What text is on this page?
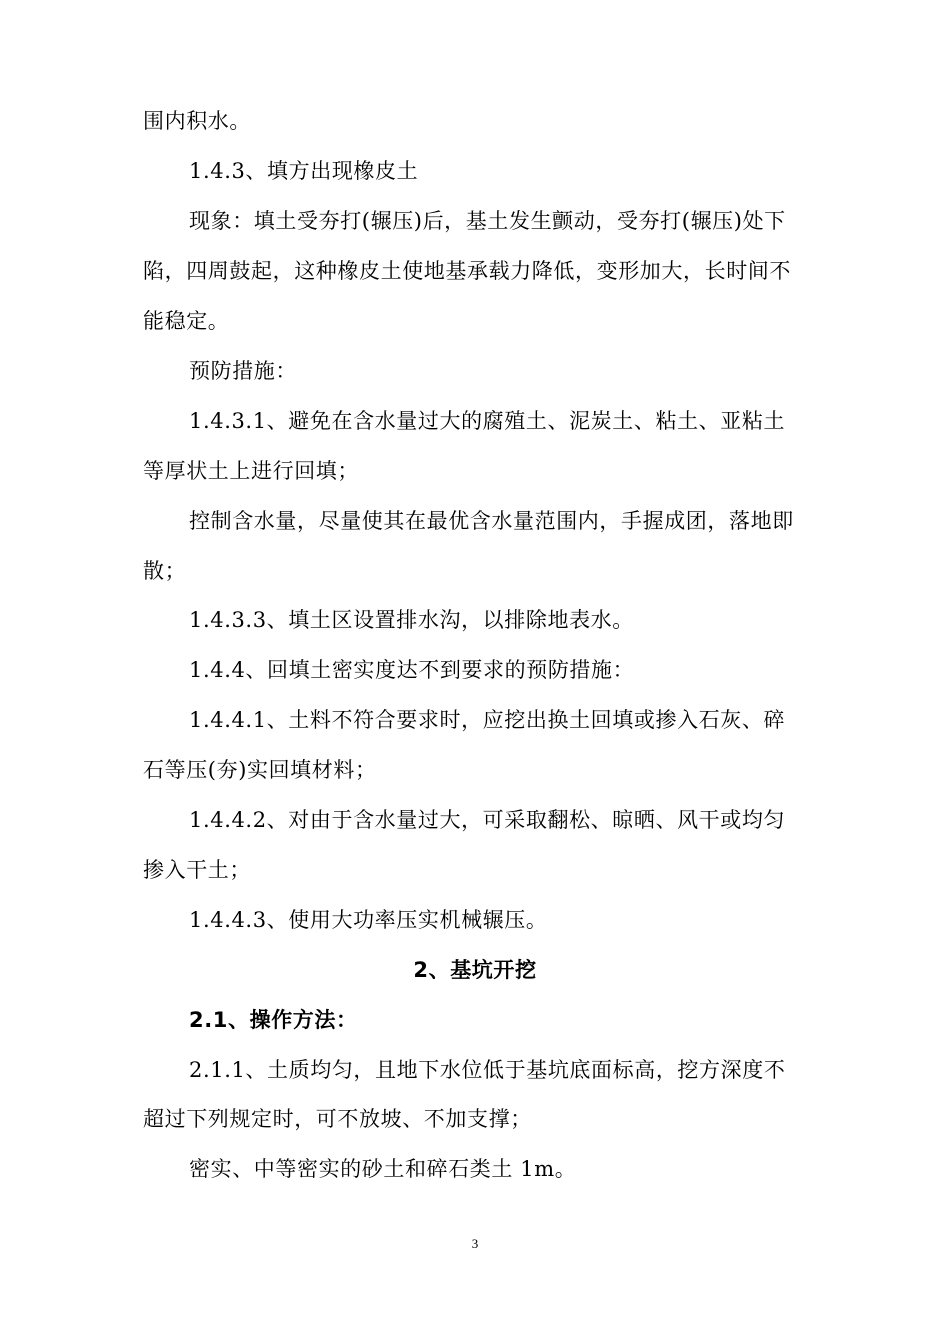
围内积水。
1.4.3、填方出现橡皮土
现象：填土受夯打(辗压)后，基土发生颤动，受夯打(辗压)处下
陷，四周鼓起，这种橡皮土使地基承载力降低，变形加大，长时间不
能稳定。
预防措施：
1.4.3.1、避免在含水量过大的腐殖土、泥炭土、粘土、亚粘土
等厚状土上进行回填；
控制含水量，尽量使其在最优含水量范围内，手握成团，落地即
散；
1.4.3.3、填土区设置排水沟，以排除地表水。
1.4.4、回填土密实度达不到要求的预防措施：
1.4.4.1、土料不符合要求时，应挖出换土回填或掺入石灰、碎
石等压(夯)实回填材料；
1.4.4.2、对由于含水量过大，可采取翻松、晾晒、风干或均匀
掺入干土；
1.4.4.3、使用大功率压实机械辗压。
2、基坑开挖
2.1、操作方法：
2.1.1、土质均匀，且地下水位低于基坑底面标高，挖方深度不
超过下列规定时，可不放坡、不加支撑；
密实、中等密实的砂土和碎石类土 1m。
3
